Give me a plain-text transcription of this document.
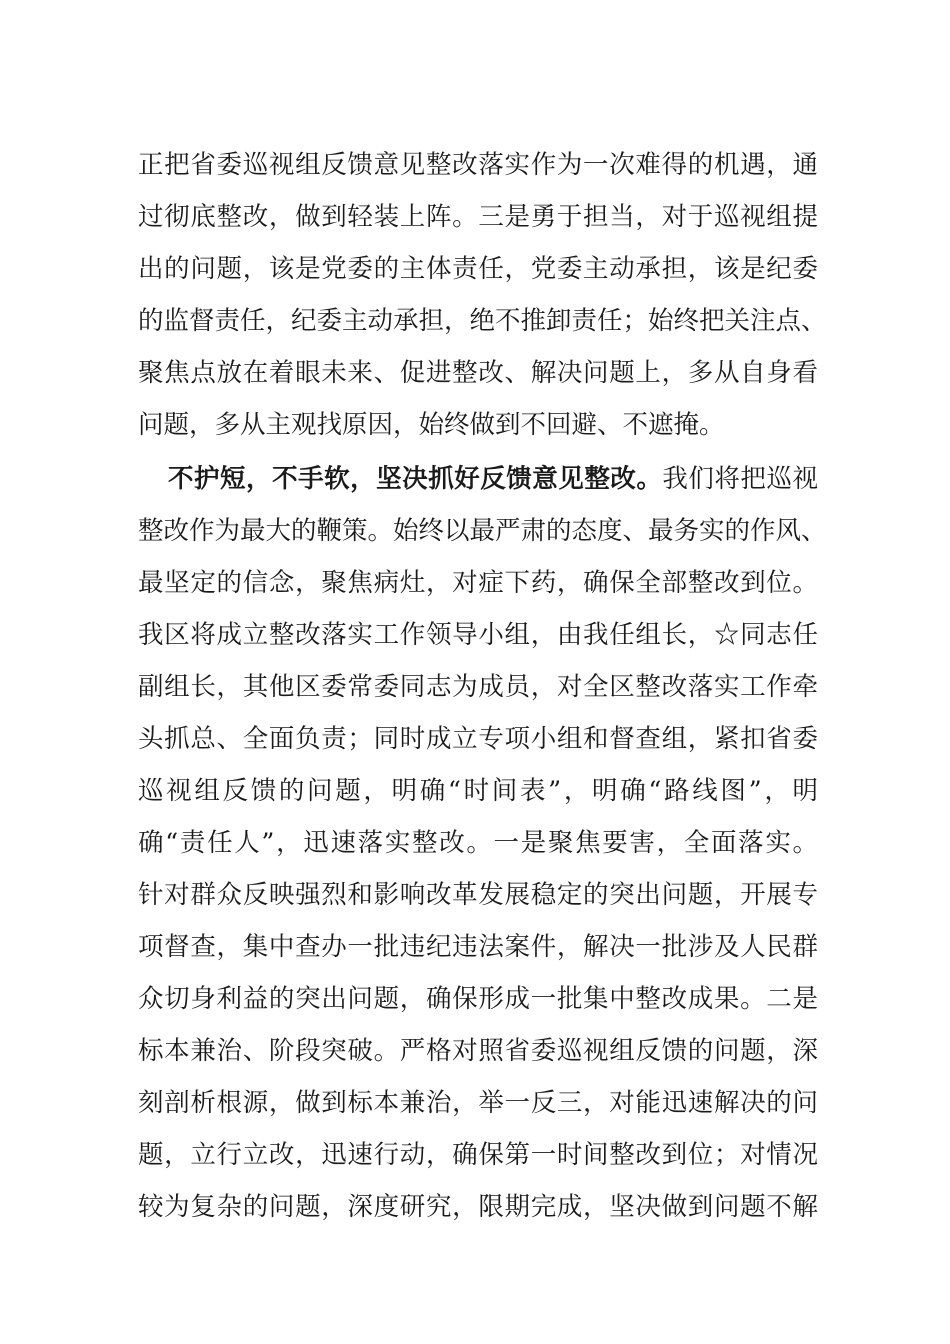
正把省委巡视组反馈意见整改落实作为一次难得的机遇，通
过彻底整改，做到轻装上阵。三是勇于担当，对于巡视组提
出的问题，该是党委的主体责任，党委主动承担，该是纪委
的监督责任，纪委主动承担，绝不推卸责任；始终把关注点、
聚焦点放在着眼未来、促进整改、解决问题上，多从自身看
问题，多从主观找原因，始终做到不回避、不遮掩。
不护短，不手软，坚决抓好反馈意见整改。我们将把巡视
整改作为最大的鞭策。始终以最严肃的态度、最务实的作风、
最坚定的信念，聚焦病灶，对症下药，确保全部整改到位。
我区将成立整改落实工作领导小组，由我任组长，☆同志任
副组长，其他区委常委同志为成员，对全区整改落实工作牵
头抓总、全面负责；同时成立专项小组和督查组，紧扣省委
巡视组反馈的问题，明确“时间表”，明确“路线图”，明
确“责任人”，迅速落实整改。一是聚焦要害，全面落实。
针对群众反映强烈和影响改革发展稳定的突出问题，开展专
项督查，集中查办一批违纪违法案件，解决一批涉及人民群
众切身利益的突出问题，确保形成一批集中整改成果。二是
标本兼治、阶段突破。严格对照省委巡视组反馈的问题，深
刻剖析根源，做到标本兼治，举一反三，对能迅速解决的问
题，立行立改，迅速行动，确保第一时间整改到位；对情况
较为复杂的问题，深度研究，限期完成，坚决做到问题不解
